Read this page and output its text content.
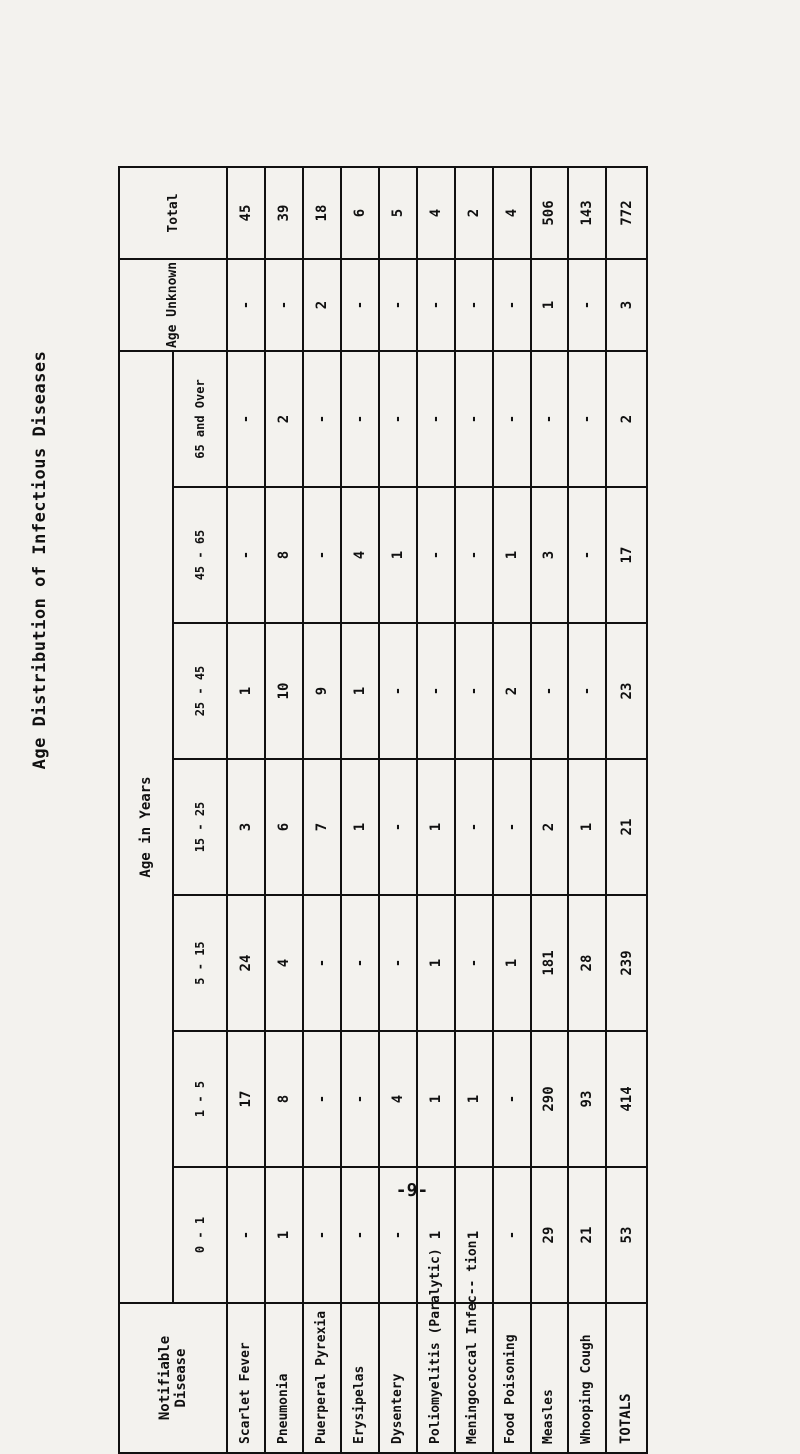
Age Distribution of Infectious Diseases
Notifiable Disease	Age in Years							Age Unknown	Total
	0 - 1	1 - 5	5 - 15	15 - 25	25 - 45	45 - 65	65 and Over		
Scarlet Fever	-	17	24	3	1	-	-	-	45
Pneumonia	1	8	4	6	10	8	2	-	39
Puerperal Pyrexia	-	-	-	7	9	-	-	2	18
Erysipelas	-	-	-	1	1	4	-	-	6
Dysentery	-	4	-	-	-	1	-	-	5
Poliomyelitis (Paralytic)	1	1	1	1	-	-	-	-	4
Meningococcal Infec-- tion	1	1	-	-	-	-	-	-	2
Food Poisoning	-	-	1	-	2	1	-	-	4
Measles	29	290	181	2	-	3	-	1	506
Whooping Cough	21	93	28	1	-	-	-	-	143
TOTALS	53	414	239	21	23	17	2	3	772
-9-
